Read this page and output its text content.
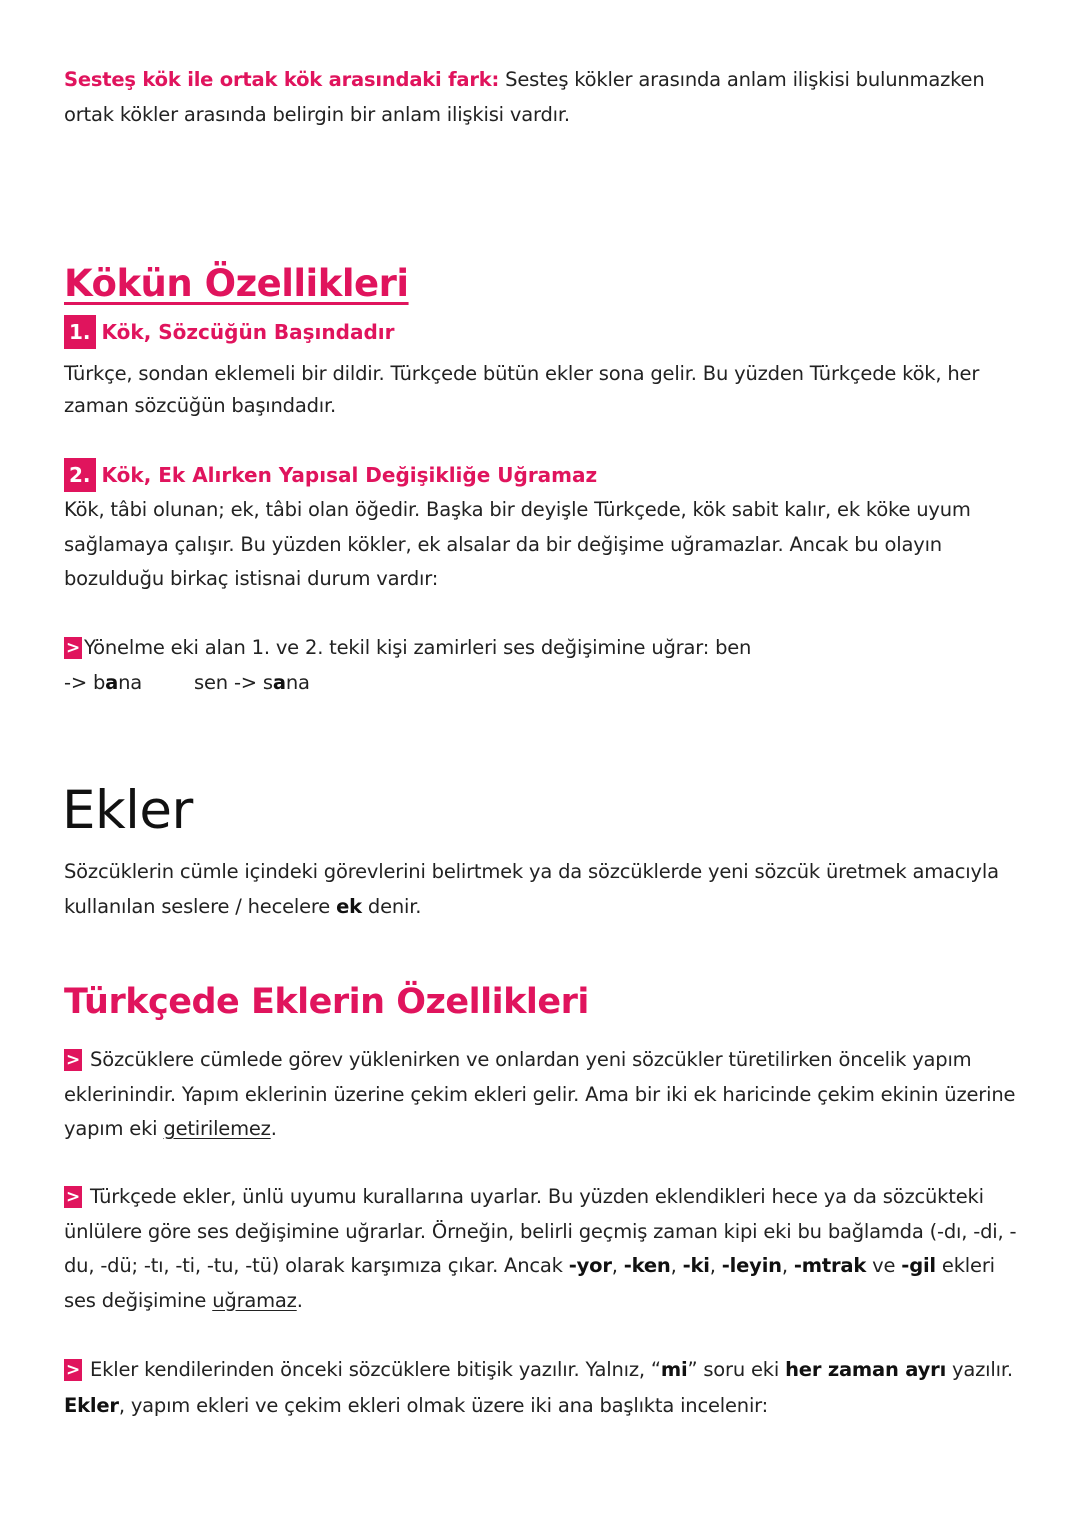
Sesteş kök ile ortak kök arasındaki fark: Sesteş kökler arasında anlam ilişkisi bulunmazken ortak kökler arasında belirgin bir anlam ilişkisi vardır.

Kökün Özellikleri
1. Kök, Sözcüğün Başındadır

Türkçe, sondan eklemeli bir dildir. Türkçede bütün ekler sona gelir. Bu yüzden Türkçede kök, her zaman sözcüğün başındadır.

2. Kök, Ek Alırken Yapısal Değişikliğe Uğramaz

Kök, tâbi olunan; ek, tâbi olan öğedir. Başka bir deyişle Türkçede, kök sabit kalır, ek köke uyum sağlamaya çalışır. Bu yüzden kökler, ek alsalar da bir değişime uğramazlar. Ancak bu olayın bozulduğu birkaç istisnai durum vardır:

> Yönelme eki alan 1. ve 2. tekil kişi zamirleri ses değişimine uğrar: ben

-> bana	sen -> sana

Ekler

Sözcüklerin cümle içindeki görevlerini belirtmek ya da sözcüklerde yeni sözcük üretmek amacıyla kullanılan seslere / hecelere ek denir.

Türkçede Eklerin Özellikleri

> Sözcüklere cümlede görev yüklenirken ve onlardan yeni sözcükler türetilirken öncelik yapım eklerinindir. Yapım eklerinin üzerine çekim ekleri gelir. Ama bir iki ek haricinde çekim ekinin üzerine yapım eki getirilemez.

> Türkçede ekler, ünlü uyumu kurallarına uyarlar. Bu yüzden eklendikleri hece ya da sözcükteki ünlülere göre ses değişimine uğrarlar. Örneğin, belirli geçmiş zaman kipi eki bu bağlamda (-dı, -di, -du, -dü; -tı, -ti, -tu, -tü) olarak karşımıza çıkar. Ancak -yor, -ken, -ki, -leyin, -mtrak ve -gil ekleri ses değişimine uğramaz.

> Ekler kendilerinden önceki sözcüklere bitişik yazılır. Yalnız, “mi” soru eki her zaman ayrı yazılır.
Ekler, yapım ekleri ve çekim ekleri olmak üzere iki ana başlıkta incelenir:
